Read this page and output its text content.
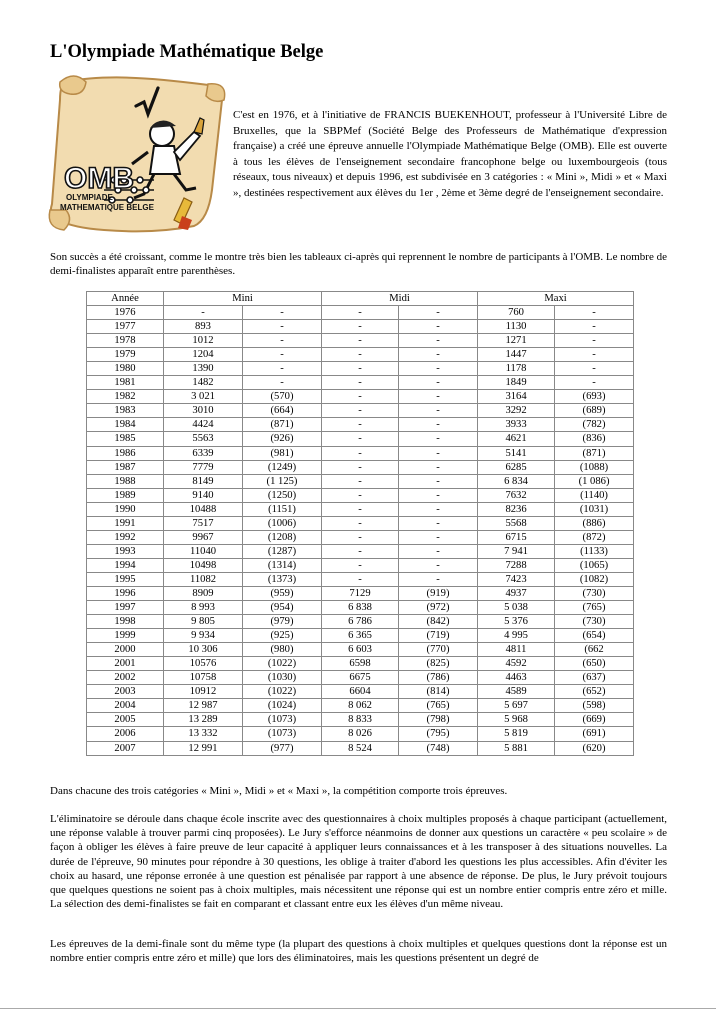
L'Olympiade Mathématique Belge
OMB
OLYMPIADE
MATHEMATIQUE BELGE

C'est en 1976, et à l'initiative de FRANCIS BUEKENHOUT, professeur à l'Université Libre de Bruxelles, que la SBPMef (Société Belge des Professeurs de Mathématique d'expression française) a créé une épreuve annuelle l'Olympiade Mathématique Belge (OMB). Elle est ouverte à tous les élèves de l'enseignement secondaire francophone belge ou luxembourgeois (tous réseaux, tous niveaux) et depuis 1996, est subdivisée en 3 catégories : « Mini », Midi » et « Maxi », destinées respectivement aux élèves du 1er , 2ème et 3ème degré de l'enseignement secondaire.

Son succès a été croissant, comme le montre très bien les tableaux ci-après qui reprennent le nombre de participants à l'OMB. Le nombre de demi-finalistes apparaît entre parenthèses.

Année	Mini		Midi		Maxi	
1976	-	-	-	-	760	-
1977	893	-	-	-	1130	-
1978	1012	-	-	-	1271	-
1979	1204	-	-	-	1447	-
1980	1390	-	-	-	1178	-
1981	1482	-	-	-	1849	-
1982	3 021	(570)	-	-	3164	(693)
1983	3010	(664)	-	-	3292	(689)
1984	4424	(871)	-	-	3933	(782)
1985	5563	(926)	-	-	4621	(836)
1986	6339	(981)	-	-	5141	(871)
1987	7779	(1249)	-	-	6285	(1088)
1988	8149	(1 125)	-	-	6 834	(1 086)
1989	9140	(1250)	-	-	7632	(1140)
1990	10488	(1151)	-	-	8236	(1031)
1991	7517	(1006)	-	-	5568	(886)
1992	9967	(1208)	-	-	6715	(872)
1993	11040	(1287)	-	-	7 941	(1133)
1994	10498	(1314)	-	-	7288	(1065)
1995	11082	(1373)	-	-	7423	(1082)
1996	8909	(959)	7129	(919)	4937	(730)
1997	8 993	(954)	6 838	(972)	5 038	(765)
1998	9 805	(979)	6 786	(842)	5 376	(730)
1999	9 934	(925)	6 365	(719)	4 995	(654)
2000	10 306	(980)	6 603	(770)	4811	(662
2001	10576	(1022)	6598	(825)	4592	(650)
2002	10758	(1030)	6675	(786)	4463	(637)
2003	10912	(1022)	6604	(814)	4589	(652)
2004	12 987	(1024)	8 062	(765)	5 697	(598)
2005	13 289	(1073)	8 833	(798)	5 968	(669)
2006	13 332	(1073)	8 026	(795)	5 819	(691)
2007	12 991	(977)	8 524	(748)	5 881	(620)

Dans chacune des trois catégories « Mini », Midi » et « Maxi », la compétition comporte trois épreuves.

L'éliminatoire se déroule dans chaque école inscrite avec des questionnaires à choix multiples proposés à chaque participant (actuellement, une réponse valable à trouver parmi cinq proposées). Le Jury s'efforce néanmoins de donner aux questions un caractère « peu scolaire » de façon à obliger les élèves à faire preuve de leur capacité à appliquer leurs connaissances et à les transposer à des situations nouvelles. La durée de l'épreuve, 90 minutes pour répondre à 30 questions, les oblige à traiter d'abord les questions les plus accessibles. Afin d'éviter les choix au hasard, une réponse erronée à une question est pénalisée par rapport à une absence de réponse. De plus, le Jury prévoit toujours que quelques questions ne soient pas à choix multiples, mais nécessitent une réponse qui est un nombre entier compris entre zéro et mille. La sélection des demi-finalistes se fait en comparant et classant entre eux les élèves d'un même niveau.

Les épreuves de la demi-finale sont du même type (la plupart des questions à choix multiples et quelques questions dont la réponse est un nombre entier compris entre zéro et mille) que lors des éliminatoires, mais les questions présentent un degré de
